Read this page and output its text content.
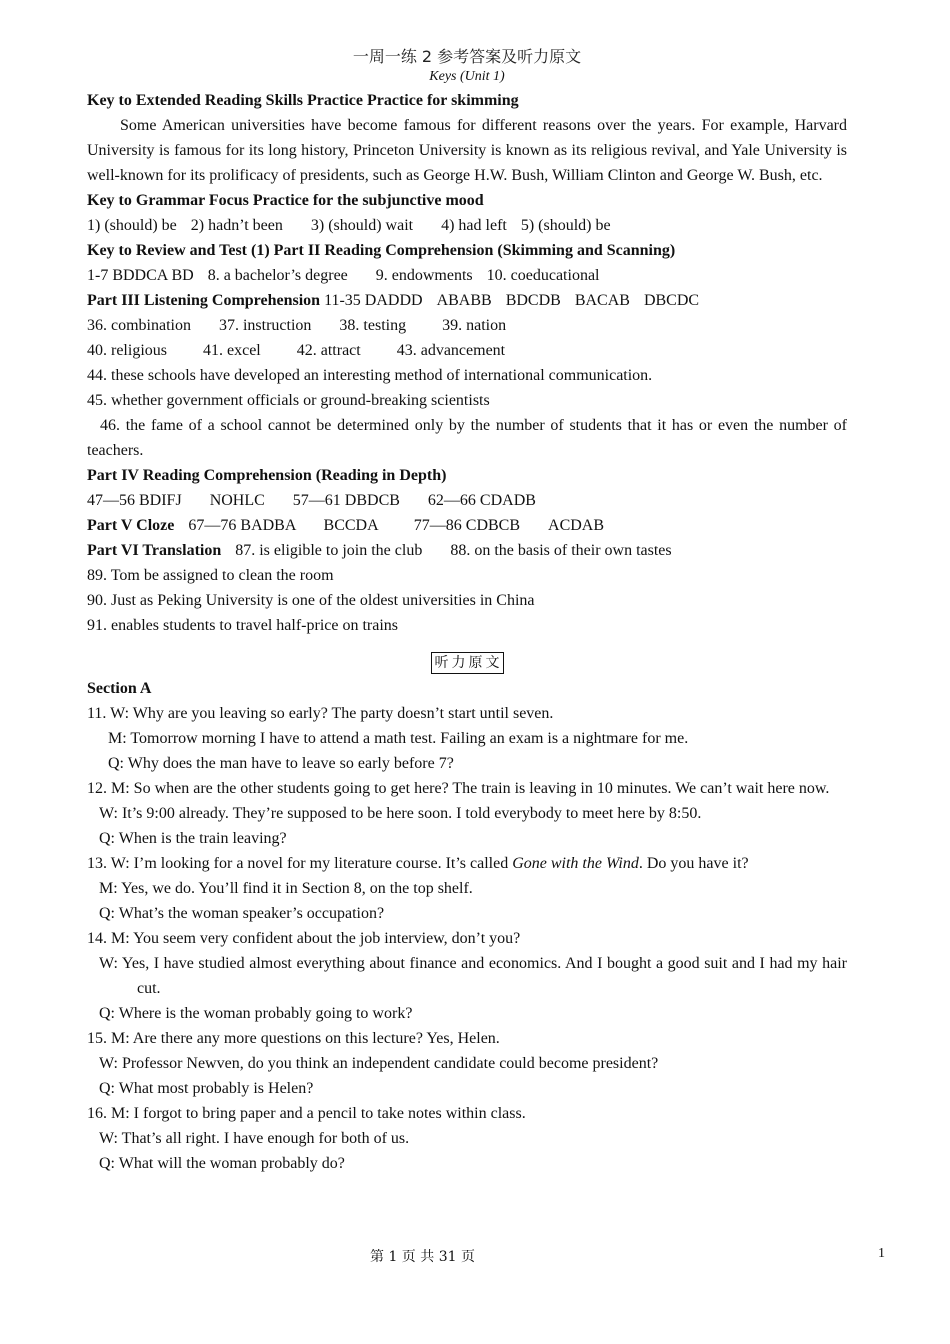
一周一练 2 参考答案及听力原文
Keys (Unit 1)
Key to Extended Reading Skills Practice Practice for skimming
Some American universities have become famous for different reasons over the years. For example, Harvard University is famous for its long history, Princeton University is known as its religious revival, and Yale University is well-known for its prolificacy of presidents, such as George H.W. Bush, William Clinton and George W. Bush, etc.
Key to Grammar Focus Practice for the subjunctive mood
1) (should) be 2) hadn’t been 3) (should) wait 4) had left 5) (should) be
Key to Review and Test (1) Part II Reading Comprehension (Skimming and Scanning)
1-7 BDDCA BD 8. a bachelor’s degree 9. endowments 10. coeducational
Part III Listening Comprehension 11-35 DADDD ABABB BDCDB BACAB DBCDC
36. combination 37. instruction 38. testing 39. nation
40. religious 41. excel 42. attract 43. advancement
44. these schools have developed an interesting method of international communication.
45. whether government officials or ground-breaking scientists
46. the fame of a school cannot be determined only by the number of students that it has or even the number of teachers.
Part IV Reading Comprehension (Reading in Depth)
47—56 BDIFJ NOHLC 57—61 DBDCB 62—66 CDADB
Part V Cloze 67—76 BADBA BCCDA 77—86 CDBCB ACDAB
Part VI Translation 87. is eligible to join the club 88. on the basis of their own tastes
89. Tom be assigned to clean the room
90. Just as Peking University is one of the oldest universities in China
91. enables students to travel half-price on trains
听力原文
Section A
11. W: Why are you leaving so early? The party doesn’t start until seven.
M: Tomorrow morning I have to attend a math test. Failing an exam is a nightmare for me.
Q: Why does the man have to leave so early before 7?
12. M: So when are the other students going to get here? The train is leaving in 10 minutes. We can’t wait here now.
W: It’s 9:00 already. They’re supposed to be here soon. I told everybody to meet here by 8:50.
Q: When is the train leaving?
13. W: I’m looking for a novel for my literature course. It’s called Gone with the Wind. Do you have it?
M: Yes, we do. You’ll find it in Section 8, on the top shelf.
Q: What’s the woman speaker’s occupation?
14. M: You seem very confident about the job interview, don’t you?
W: Yes, I have studied almost everything about finance and economics. And I bought a good suit and I had my hair cut.
Q: Where is the woman probably going to work?
15. M: Are there any more questions on this lecture? Yes, Helen.
W: Professor Newven, do you think an independent candidate could become president?
Q: What most probably is Helen?
16. M: I forgot to bring paper and a pencil to take notes within class.
W: That’s all right. I have enough for both of us.
Q: What will the woman probably do?
第 1 页 共 31 页	1
